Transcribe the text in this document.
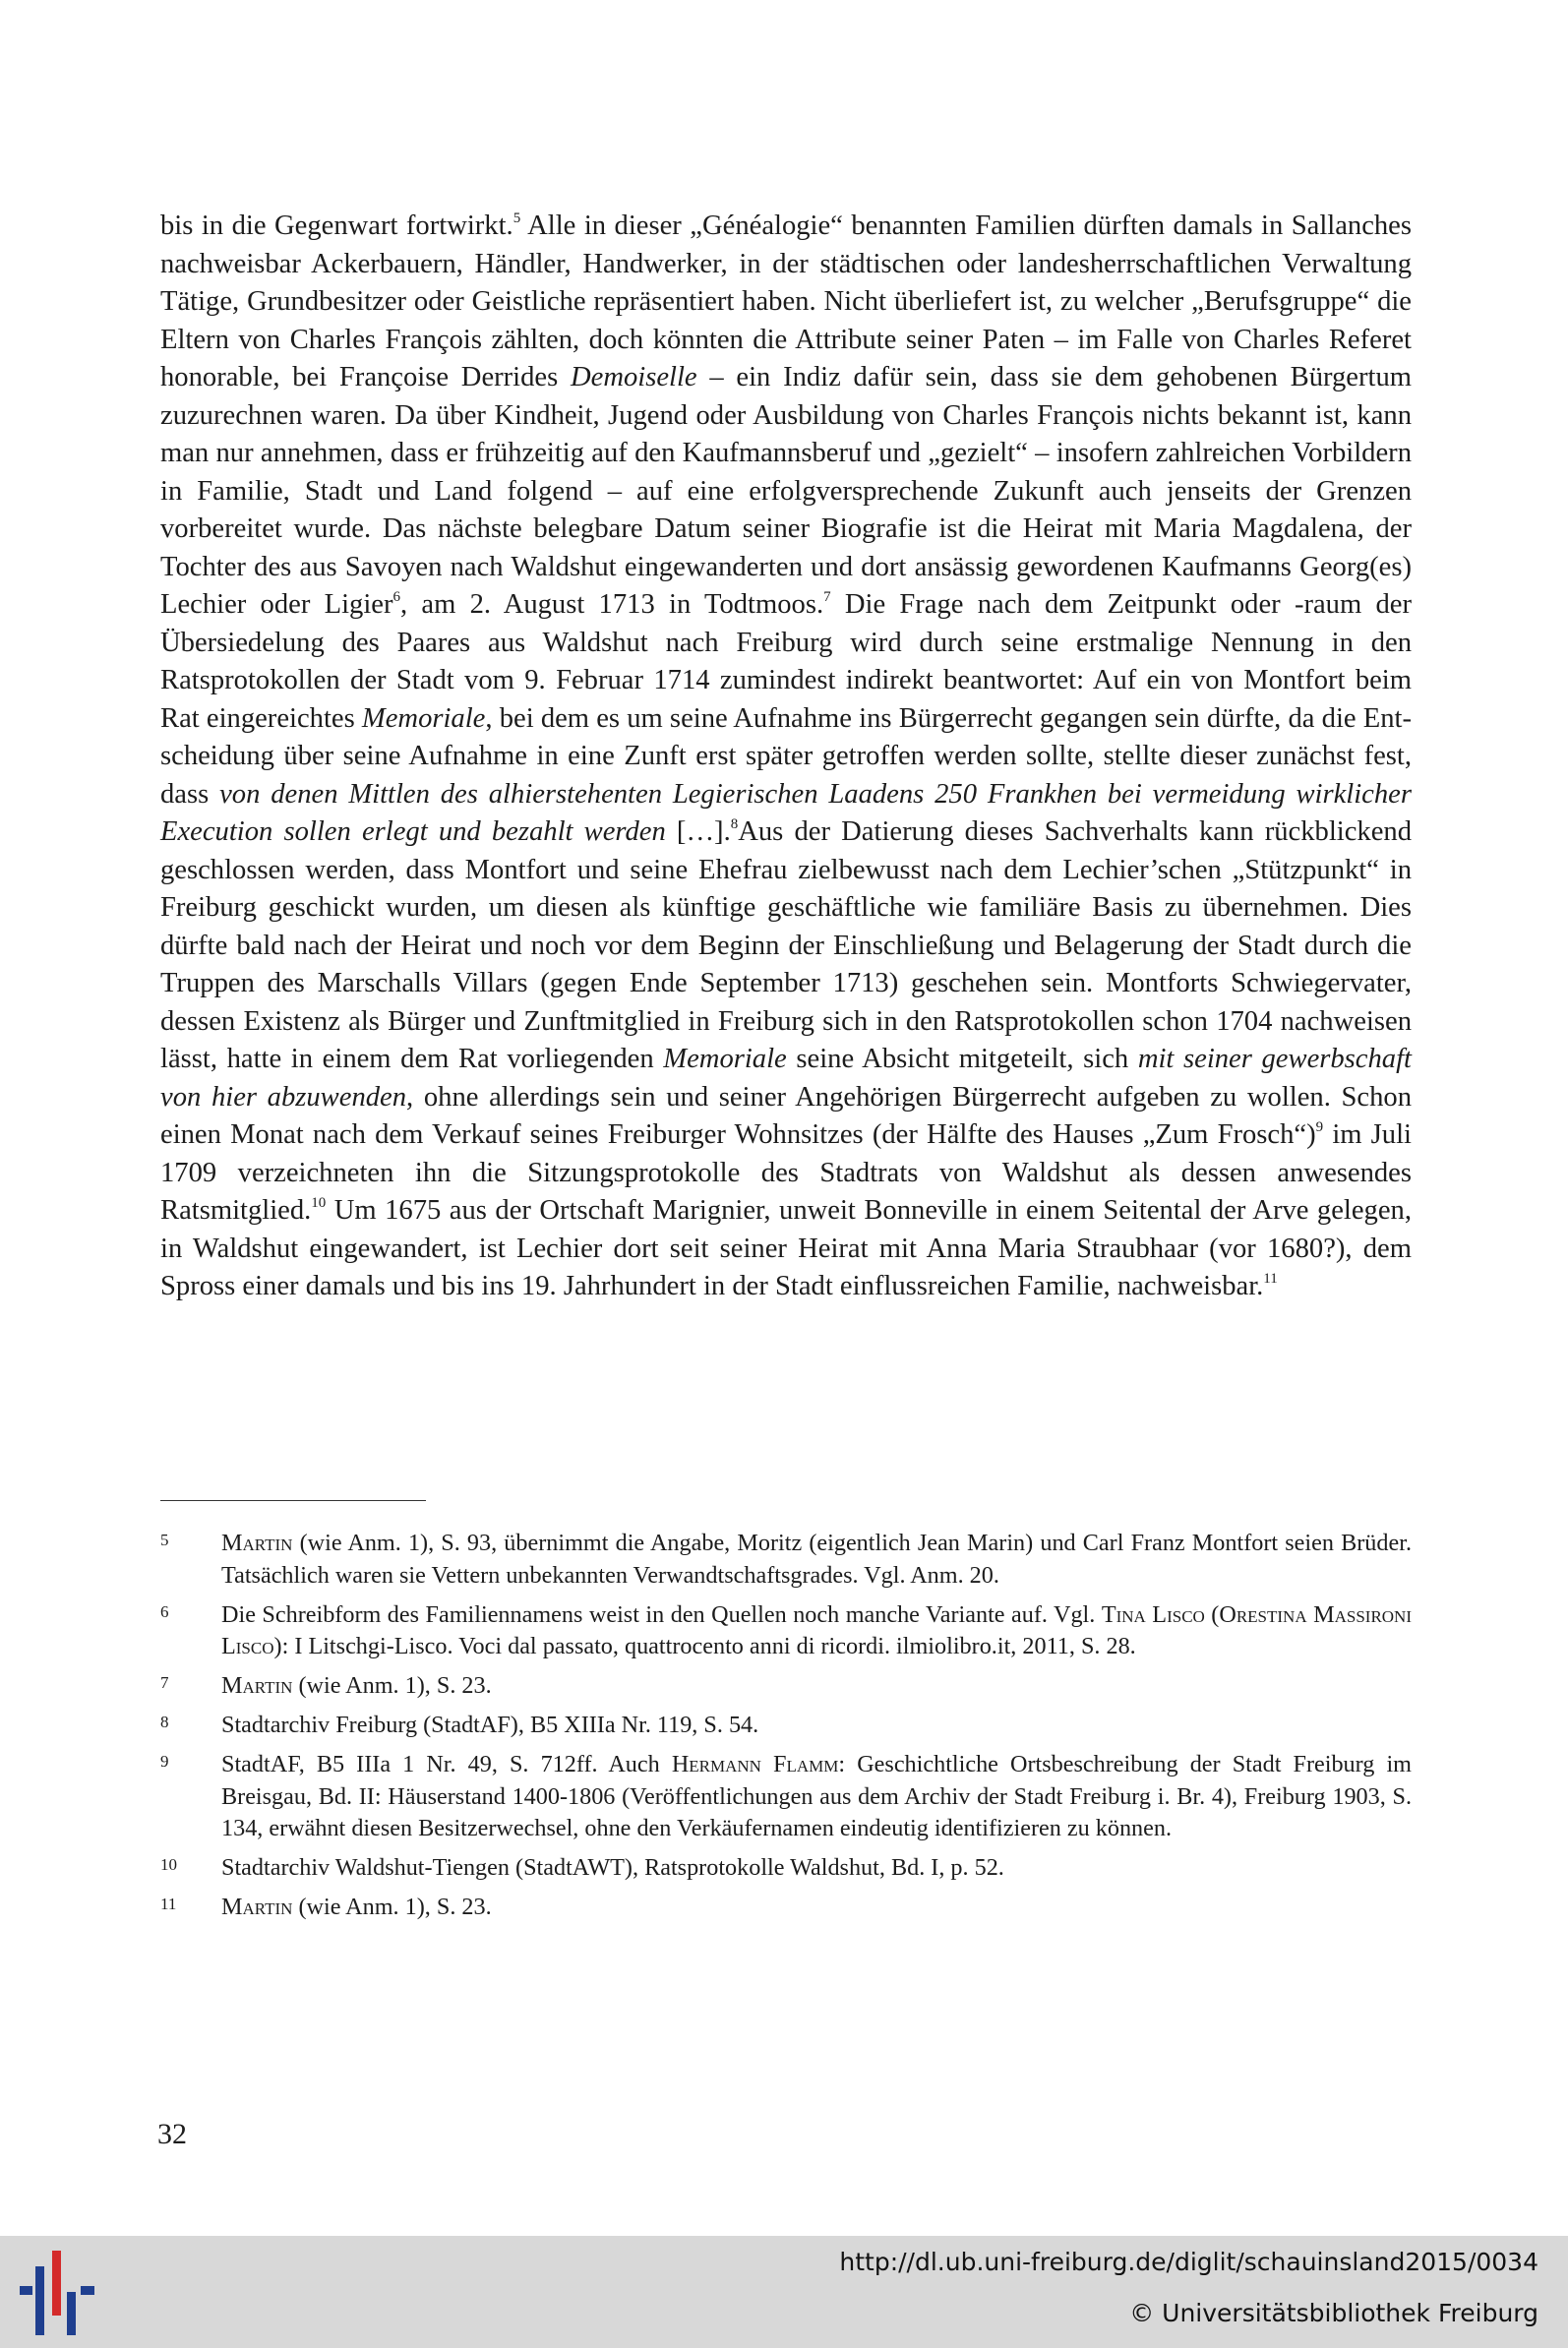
bis in die Gegenwart fortwirkt.$^5$ Alle in dieser „Généalogie“ benannten Familien dürften damals in Sallanches nachweisbar Ackerbauern, Händler, Handwerker, in der städtischen oder landesherrschaftlichen Verwaltung Tätige, Grundbesitzer oder Geistliche repräsentiert haben. Nicht überliefert ist, zu welcher „Berufsgruppe“ die Eltern von Charles François zählten, doch könnten die Attribute seiner Paten – im Falle von Charles Referet honorable, bei Françoise Derrides Demoiselle – ein Indiz dafür sein, dass sie dem gehobenen Bürgertum zuzurechnen waren. Da über Kindheit, Jugend oder Ausbildung von Charles François nichts bekannt ist, kann man nur annehmen, dass er frühzeitig auf den Kaufmannsberuf und „gezielt“ – insofern zahlreichen Vorbildern in Familie, Stadt und Land folgend – auf eine erfolgversprechende Zukunft auch jenseits der Grenzen vorbereitet wurde. Das nächste belegbare Datum seiner Biografie ist die Heirat mit Maria Magdalena, der Tochter des aus Savoyen nach Waldshut eingewanderten und dort ansässig gewordenen Kaufmanns Georg(es) Lechier oder Ligier$^6$, am 2. August 1713 in Todtmoos.$^7$ Die Frage nach dem Zeitpunkt oder -raum der Übersiedelung des Paares aus Waldshut nach Freiburg wird durch seine erstmalige Nennung in den Ratsprotokollen der Stadt vom 9. Februar 1714 zumindest indirekt beantwortet: Auf ein von Montfort beim Rat eingereichtes Memoriale, bei dem es um seine Aufnahme ins Bürgerrecht gegangen sein dürfte, da die Entscheidung über seine Aufnahme in eine Zunft erst später getroffen werden sollte, stellte dieser zunächst fest, dass von denen Mittlen des alhierstehenten Legierischen Laadens 250 Frankhen bei vermeidung wirklicher Execution sollen erlegt und bezahlt werden […].$^8$Aus der Datierung dieses Sachverhalts kann rückblickend geschlossen werden, dass Montfort und seine Ehefrau zielbewusst nach dem Lechier’schen „Stützpunkt“ in Freiburg geschickt wurden, um diesen als künftige geschäftliche wie familiäre Basis zu übernehmen. Dies dürfte bald nach der Heirat und noch vor dem Beginn der Einschließung und Belagerung der Stadt durch die Truppen des Marschalls Villars (gegen Ende September 1713) geschehen sein. Montforts Schwiegervater, dessen Existenz als Bürger und Zunftmitglied in Freiburg sich in den Ratsprotokollen schon 1704 nachweisen lässt, hatte in einem dem Rat vorliegenden Memoriale seine Absicht mitgeteilt, sich mit seiner gewerbschaft von hier abzuwenden, ohne allerdings sein und seiner Angehörigen Bürgerrecht aufgeben zu wollen. Schon einen Monat nach dem Verkauf seines Freiburger Wohnsitzes (der Hälfte des Hauses „Zum Frosch“)$^9$ im Juli 1709 verzeichneten ihn die Sitzungsprotokolle des Stadtrats von Waldshut als dessen anwesendes Ratsmitglied.$^{10}$ Um 1675 aus der Ortschaft Marignier, unweit Bonneville in einem Seitental der Arve gelegen, in Waldshut eingewandert, ist Lechier dort seit seiner Heirat mit Anna Maria Straubhaar (vor 1680?), dem Spross einer damals und bis ins 19. Jahrhundert in der Stadt einflussreichen Familie, nachweisbar.$^{11}$

5 Martin (wie Anm. 1), S. 93, übernimmt die Angabe, Moritz (eigentlich Jean Marin) und Carl Franz Montfort seien Brüder. Tatsächlich waren sie Vettern unbekannten Verwandtschaftsgrades. Vgl. Anm. 20.
6 Die Schreibform des Familiennamens weist in den Quellen noch manche Variante auf. Vgl. Tina Lisco (Orestina Massironi Lisco): I Litschgi-Lisco. Voci dal passato, quattrocento anni di ricordi. ilmiolibro.it, 2011, S. 28.
7 Martin (wie Anm. 1), S. 23.
8 Stadtarchiv Freiburg (StadtAF), B5 XIIIa Nr. 119, S. 54.
9 StadtAF, B5 IIIa 1 Nr. 49, S. 712ff. Auch Hermann Flamm: Geschichtliche Ortsbeschreibung der Stadt Freiburg im Breisgau, Bd. II: Häuserstand 1400-1806 (Veröffentlichungen aus dem Archiv der Stadt Freiburg i. Br. 4), Freiburg 1903, S. 134, erwähnt diesen Besitzerwechsel, ohne den Verkäufernamen eindeutig identifizieren zu können.
10 Stadtarchiv Waldshut-Tiengen (StadtAWT), Ratsprotokolle Waldshut, Bd. I, p. 52.
11 Martin (wie Anm. 1), S. 23.
32
http://dl.ub.uni-freiburg.de/diglit/schauinsland2015/0034
© Universitätsbibliothek Freiburg
